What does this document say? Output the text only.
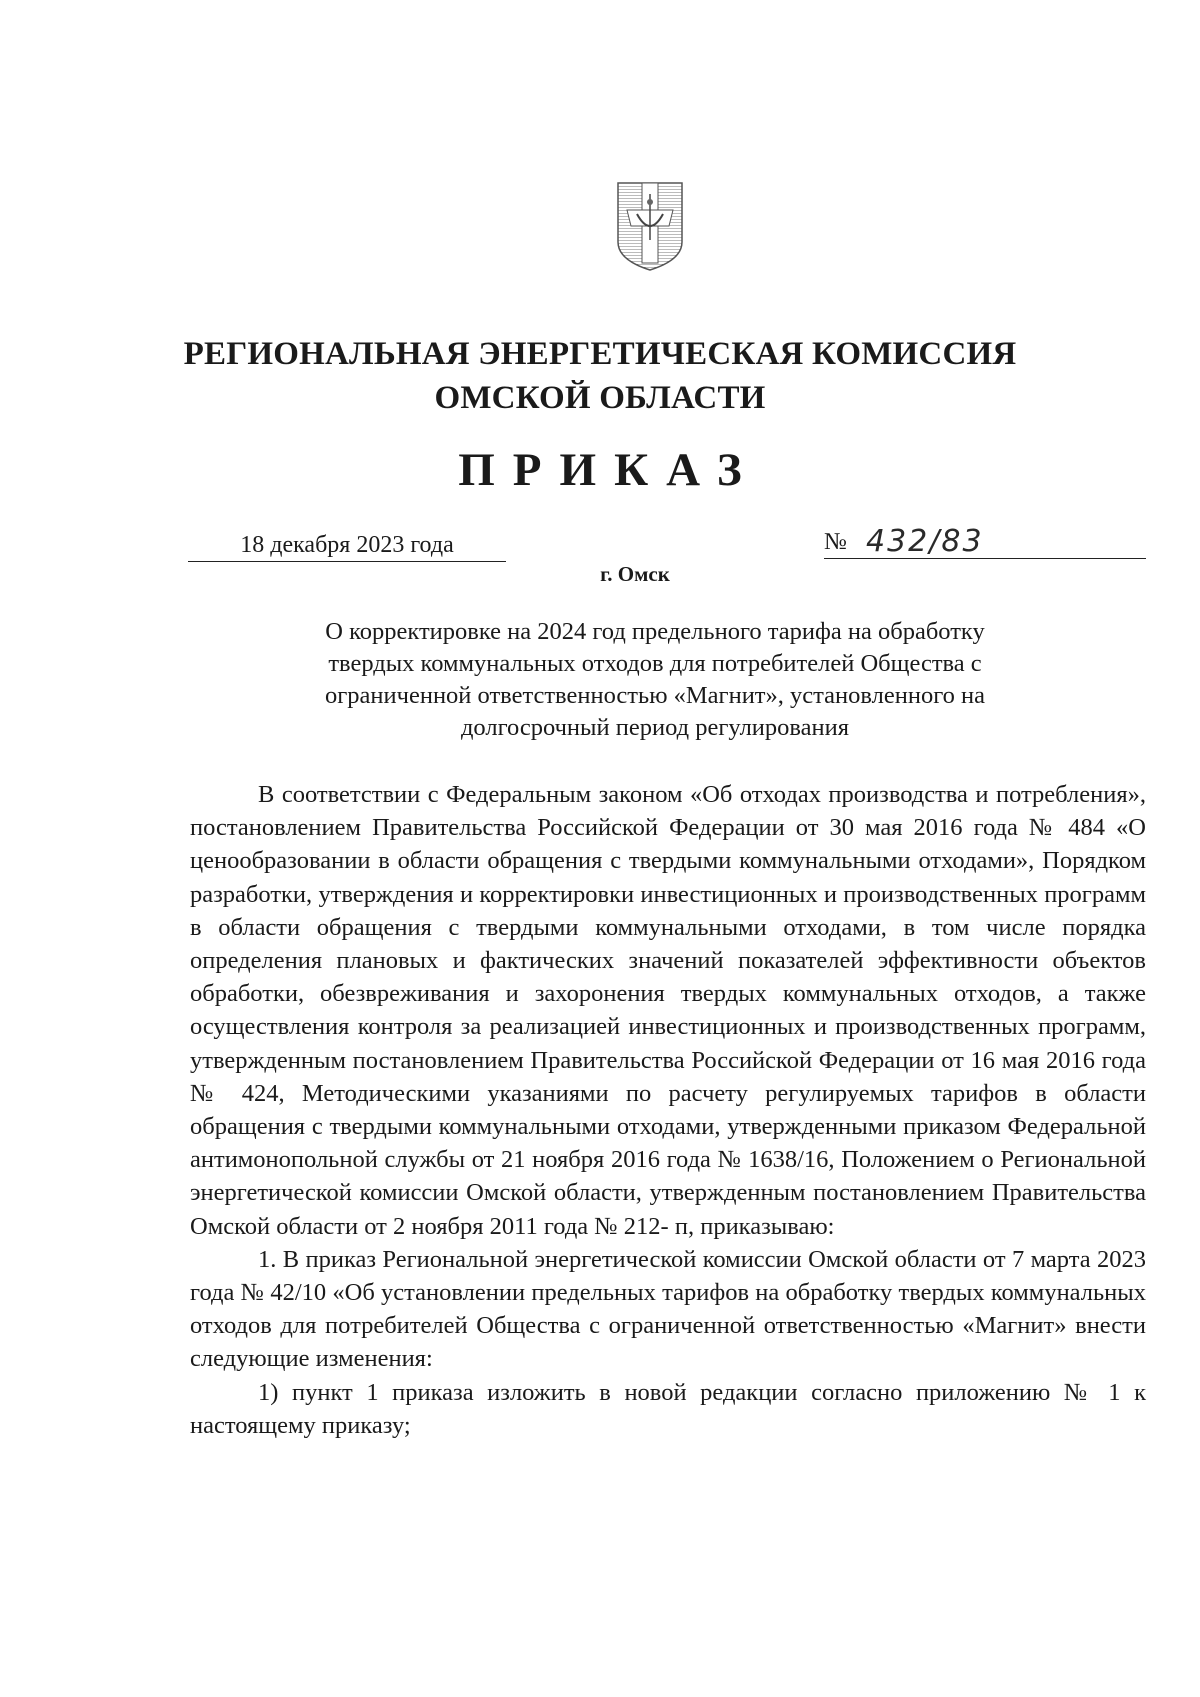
РЕГИОНАЛЬНАЯ ЭНЕРГЕТИЧЕСКАЯ КОМИССИЯ
ОМСКОЙ ОБЛАСТИ
ПРИКАЗ
18 декабря 2023 года	№ 432/83
г. Омск
О корректировке на 2024 год предельного тарифа на обработку
твердых коммунальных отходов для потребителей Общества с
ограниченной ответственностью «Магнит», установленного на
долгосрочный период регулирования

В соответствии с Федеральным законом «Об отходах производства и потребления», постановлением Правительства Российской Федерации от 30 мая 2016 года № 484 «О ценообразовании в области обращения с твердыми коммунальными отходами», Порядком разработки, утверждения и корректировки инвестиционных и производственных программ в области обращения с твердыми коммунальными отходами, в том числе порядка определения плановых и фактических значений показателей эффективности объектов обработки, обезвреживания и захоронения твердых коммунальных отходов, а также осуществления контроля за реализацией инвестиционных и производственных программ, утвержденным постановлением Правительства Российской Федерации от 16 мая 2016 года № 424, Методическими указаниями по расчету регулируемых тарифов в области обращения с твердыми коммунальными отходами, утвержденными приказом Федеральной антимонопольной службы от 21 ноября 2016 года № 1638/16, Положением о Региональной энергетической комиссии Омской области, утвержденным постановлением Правительства Омской области от 2 ноября 2011 года № 212- п, приказываю:

1. В приказ Региональной энергетической комиссии Омской области от 7 марта 2023 года № 42/10 «Об установлении предельных тарифов на обработку твердых коммунальных отходов для потребителей Общества с ограниченной ответственностью «Магнит» внести следующие изменения:

1) пункт 1 приказа изложить в новой редакции согласно приложению № 1 к настоящему приказу;
